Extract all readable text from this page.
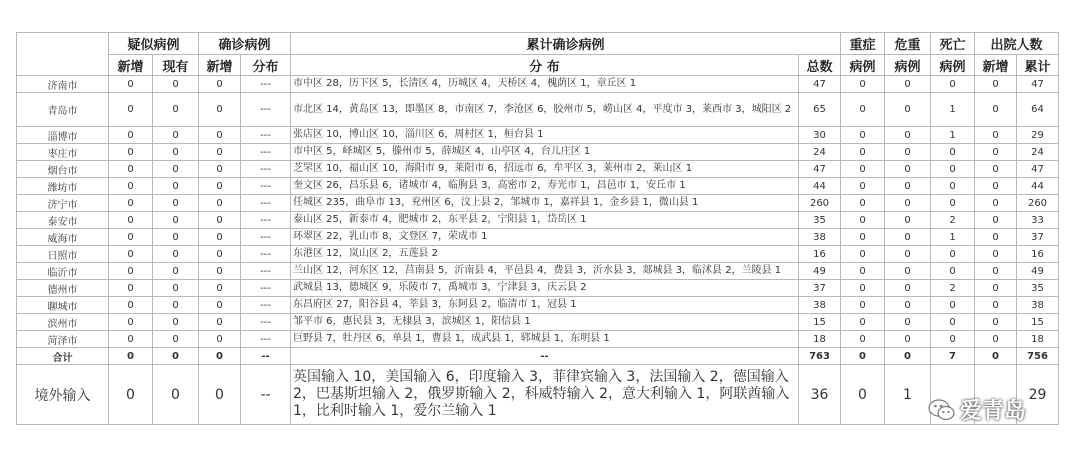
	疑似病例		确诊病例		累计确诊病例		重症	危重	死亡	出院人数	
	新增	现有	新增	分布	分 布	总数	病例	病例	病例	新增	累计
济南市	0	0	0	---	市中区 28，历下区 5，长清区 4，历城区 4，天桥区 4，槐荫区 1，章丘区 1	47	0	0	0	0	47
青岛市	0	0	0	---	市北区 14，黄岛区 13，即墨区 8，市南区 7，李沧区 6，胶州市 5，崂山区 4，平度市 3，莱西市 3，城阳区 2	65	0	0	1	0	64
淄博市	0	0	0	---	张店区 10，博山区 10，淄川区 6，周村区 1，桓台县 1	30	0	0	1	0	29
枣庄市	0	0	0	---	市中区 5，峄城区 5，滕州市 5，薛城区 4，山亭区 4，台儿庄区 1	24	0	0	0	0	24
烟台市	0	0	0	---	芝罘区 10，福山区 10，海阳市 9，莱阳市 6，招远市 6，牟平区 3，莱州市 2，莱山区 1	47	0	0	0	0	47
潍坊市	0	0	0	---	奎文区 26，昌乐县 6，诸城市 4，临朐县 3，高密市 2，寿光市 1，昌邑市 1，安丘市 1	44	0	0	0	0	44
济宁市	0	0	0	---	任城区 235，曲阜市 13，兖州区 6，汶上县 2，邹城市 1，嘉祥县 1，金乡县 1，微山县 1	260	0	0	0	0	260
泰安市	0	0	0	---	泰山区 25，新泰市 4，肥城市 2，东平县 2，宁阳县 1，岱岳区 1	35	0	0	2	0	33
威海市	0	0	0	---	环翠区 22，乳山市 8，文登区 7，荣成市 1	38	0	0	1	0	37
日照市	0	0	0	---	东港区 12，岚山区 2，五莲县 2	16	0	0	0	0	16
临沂市	0	0	0	---	兰山区 12，河东区 12，莒南县 5，沂南县 4，平邑县 4，费县 3，沂水县 3，郯城县 3，临沭县 2，兰陵县 1	49	0	0	0	0	49
德州市	0	0	0	---	武城县 13，德城区 9，乐陵市 7，禹城市 3，宁津县 3，庆云县 2	37	0	0	2	0	35
聊城市	0	0	0	---	东昌府区 27，阳谷县 4，莘县 3，东阿县 2，临清市 1，冠县 1	38	0	0	0	0	38
滨州市	0	0	0	---	邹平市 6，惠民县 3，无棣县 3，滨城区 1，阳信县 1	15	0	0	0	0	15
菏泽市	0	0	0	---	巨野县 7，牡丹区 6，单县 1，曹县 1，成武县 1，郓城县 1，东明县 1	18	0	0	0	0	18
合计	0	0	0	--	--	763	0	0	7	0	756
境外输入	0	0	0	--	英国输入 10，美国输入 6，印度输入 3，菲律宾输入 3，法国输入 2，德国输入 2，巴基斯坦输入 2，俄罗斯输入 2，科威特输入 2，意大利输入 1，阿联酋输入 1，比利时输入 1，爱尔兰输入 1	36	0	1			29
爱青岛
